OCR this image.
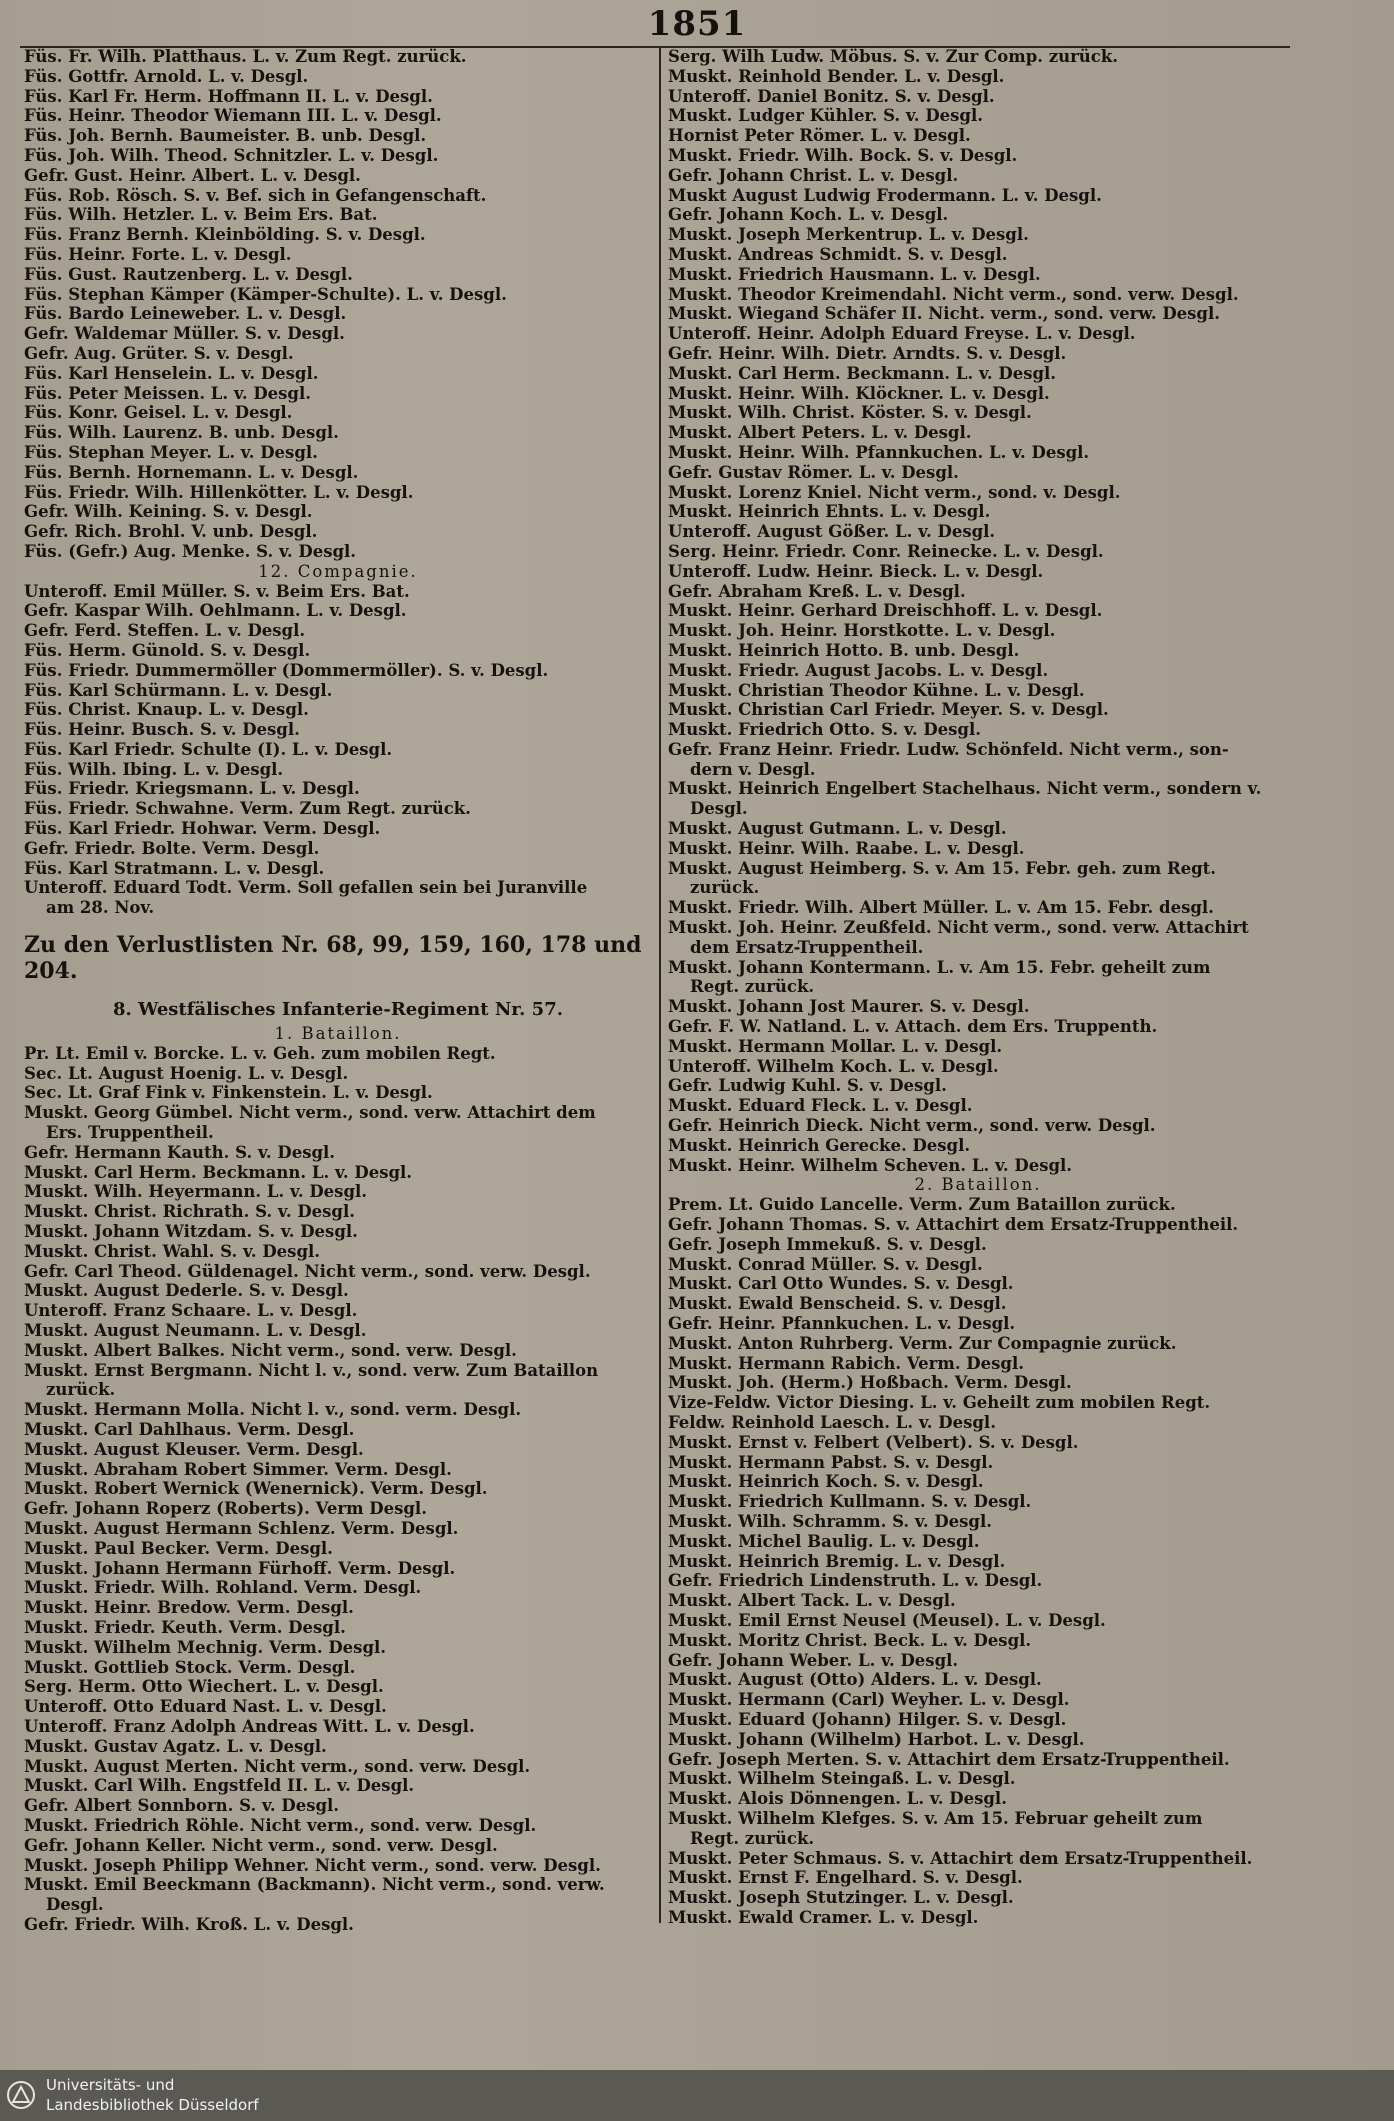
1851
Füs. Fr. Wilh. Platthaus. L. v. Zum Regt. zurück.
Füs. Gottfr. Arnold. L. v. Desgl.
Füs. Karl Fr. Herm. Hoffmann II. L. v. Desgl.
Füs. Heinr. Theodor Wiemann III. L. v. Desgl.
Füs. Joh. Bernh. Baumeister. B. unb. Desgl.
Füs. Joh. Wilh. Theod. Schnitzler. L. v. Desgl.
Gefr. Gust. Heinr. Albert. L. v. Desgl.
Füs. Rob. Rösch. S. v. Bef. sich in Gefangenschaft.
Füs. Wilh. Hetzler. L. v. Beim Ers. Bat.
Füs. Franz Bernh. Kleinbölding. S. v. Desgl.
Füs. Heinr. Forte. L. v. Desgl.
Füs. Gust. Rautzenberg. L. v. Desgl.
Füs. Stephan Kämper (Kämper-Schulte). L. v. Desgl.
Füs. Bardo Leineweber. L. v. Desgl.
Gefr. Waldemar Müller. S. v. Desgl.
Gefr. Aug. Grüter. S. v. Desgl.
Füs. Karl Henselein. L. v. Desgl.
Füs. Peter Meissen. L. v. Desgl.
Füs. Konr. Geisel. L. v. Desgl.
Füs. Wilh. Laurenz. B. unb. Desgl.
Füs. Stephan Meyer. L. v. Desgl.
Füs. Bernh. Hornemann. L. v. Desgl.
Füs. Friedr. Wilh. Hillenkötter. L. v. Desgl.
Gefr. Wilh. Keining. S. v. Desgl.
Gefr. Rich. Brohl. V. unb. Desgl.
Füs. (Gefr.) Aug. Menke. S. v. Desgl.
12. Compagnie.
Unteroff. Emil Müller. S. v. Beim Ers. Bat.
Gefr. Kaspar Wilh. Oehlmann. L. v. Desgl.
Gefr. Ferd. Steffen. L. v. Desgl.
Füs. Herm. Günold. S. v. Desgl.
Füs. Friedr. Dummermöller (Dommermöller). S. v. Desgl.
Füs. Karl Schürmann. L. v. Desgl.
Füs. Christ. Knaup. L. v. Desgl.
Füs. Heinr. Busch. S. v. Desgl.
Füs. Karl Friedr. Schulte (I). L. v. Desgl.
Füs. Wilh. Ibing. L. v. Desgl.
Füs. Friedr. Kriegsmann. L. v. Desgl.
Füs. Friedr. Schwahne. Verm. Zum Regt. zurück.
Füs. Karl Friedr. Hohwar. Verm. Desgl.
Gefr. Friedr. Bolte. Verm. Desgl.
Füs. Karl Stratmann. L. v. Desgl.
Unteroff. Eduard Todt. Verm. Soll gefallen sein bei Juranville
am 28. Nov.
Zu den Verlustlisten Nr. 68, 99, 159, 160, 178 und 204.
8. Westfälisches Infanterie-Regiment Nr. 57.
1. Bataillon.
Pr. Lt. Emil v. Borcke. L. v. Geh. zum mobilen Regt.
Sec. Lt. August Hoenig. L. v. Desgl.
Sec. Lt. Graf Fink v. Finkenstein. L. v. Desgl.
Muskt. Georg Gümbel. Nicht verm., sond. verw. Attachirt dem
Ers. Truppentheil.
Gefr. Hermann Kauth. S. v. Desgl.
Muskt. Carl Herm. Beckmann. L. v. Desgl.
Muskt. Wilh. Heyermann. L. v. Desgl.
Muskt. Christ. Richrath. S. v. Desgl.
Muskt. Johann Witzdam. S. v. Desgl.
Muskt. Christ. Wahl. S. v. Desgl.
Gefr. Carl Theod. Güldenagel. Nicht verm., sond. verw. Desgl.
Muskt. August Dederle. S. v. Desgl.
Unteroff. Franz Schaare. L. v. Desgl.
Muskt. August Neumann. L. v. Desgl.
Muskt. Albert Balkes. Nicht verm., sond. verw. Desgl.
Muskt. Ernst Bergmann. Nicht l. v., sond. verw. Zum Bataillon
zurück.
Muskt. Hermann Molla. Nicht l. v., sond. verm. Desgl.
Muskt. Carl Dahlhaus. Verm. Desgl.
Muskt. August Kleuser. Verm. Desgl.
Muskt. Abraham Robert Simmer. Verm. Desgl.
Muskt. Robert Wernick (Wenernick). Verm. Desgl.
Gefr. Johann Roperz (Roberts). Verm Desgl.
Muskt. August Hermann Schlenz. Verm. Desgl.
Muskt. Paul Becker. Verm. Desgl.
Muskt. Johann Hermann Fürhoff. Verm. Desgl.
Muskt. Friedr. Wilh. Rohland. Verm. Desgl.
Muskt. Heinr. Bredow. Verm. Desgl.
Muskt. Friedr. Keuth. Verm. Desgl.
Muskt. Wilhelm Mechnig. Verm. Desgl.
Muskt. Gottlieb Stock. Verm. Desgl.
Serg. Herm. Otto Wiechert. L. v. Desgl.
Unteroff. Otto Eduard Nast. L. v. Desgl.
Unteroff. Franz Adolph Andreas Witt. L. v. Desgl.
Muskt. Gustav Agatz. L. v. Desgl.
Muskt. August Merten. Nicht verm., sond. verw. Desgl.
Muskt. Carl Wilh. Engstfeld II. L. v. Desgl.
Gefr. Albert Sonnborn. S. v. Desgl.
Muskt. Friedrich Röhle. Nicht verm., sond. verw. Desgl.
Gefr. Johann Keller. Nicht verm., sond. verw. Desgl.
Muskt. Joseph Philipp Wehner. Nicht verm., sond. verw. Desgl.
Muskt. Emil Beeckmann (Backmann). Nicht verm., sond. verw.
Desgl.
Gefr. Friedr. Wilh. Kroß. L. v. Desgl.
Serg. Wilh Ludw. Möbus. S. v. Zur Comp. zurück.
Muskt. Reinhold Bender. L. v. Desgl.
Unteroff. Daniel Bonitz. S. v. Desgl.
Muskt. Ludger Kühler. S. v. Desgl.
Hornist Peter Römer. L. v. Desgl.
Muskt. Friedr. Wilh. Bock. S. v. Desgl.
Gefr. Johann Christ. L. v. Desgl.
Muskt August Ludwig Frodermann. L. v. Desgl.
Gefr. Johann Koch. L. v. Desgl.
Muskt. Joseph Merkentrup. L. v. Desgl.
Muskt. Andreas Schmidt. S. v. Desgl.
Muskt. Friedrich Hausmann. L. v. Desgl.
Muskt. Theodor Kreimendahl. Nicht verm., sond. verw. Desgl.
Muskt. Wiegand Schäfer II. Nicht. verm., sond. verw. Desgl.
Unteroff. Heinr. Adolph Eduard Freyse. L. v. Desgl.
Gefr. Heinr. Wilh. Dietr. Arndts. S. v. Desgl.
Muskt. Carl Herm. Beckmann. L. v. Desgl.
Muskt. Heinr. Wilh. Klöckner. L. v. Desgl.
Muskt. Wilh. Christ. Köster. S. v. Desgl.
Muskt. Albert Peters. L. v. Desgl.
Muskt. Heinr. Wilh. Pfannkuchen. L. v. Desgl.
Gefr. Gustav Römer. L. v. Desgl.
Muskt. Lorenz Kniel. Nicht verm., sond. v. Desgl.
Muskt. Heinrich Ehnts. L. v. Desgl.
Unteroff. August Gößer. L. v. Desgl.
Serg. Heinr. Friedr. Conr. Reinecke. L. v. Desgl.
Unteroff. Ludw. Heinr. Bieck. L. v. Desgl.
Gefr. Abraham Kreß. L. v. Desgl.
Muskt. Heinr. Gerhard Dreischhoff. L. v. Desgl.
Muskt. Joh. Heinr. Horstkotte. L. v. Desgl.
Muskt. Heinrich Hotto. B. unb. Desgl.
Muskt. Friedr. August Jacobs. L. v. Desgl.
Muskt. Christian Theodor Kühne. L. v. Desgl.
Muskt. Christian Carl Friedr. Meyer. S. v. Desgl.
Muskt. Friedrich Otto. S. v. Desgl.
Gefr. Franz Heinr. Friedr. Ludw. Schönfeld. Nicht verm., son-
dern v. Desgl.
Muskt. Heinrich Engelbert Stachelhaus. Nicht verm., sondern v.
Desgl.
Muskt. August Gutmann. L. v. Desgl.
Muskt. Heinr. Wilh. Raabe. L. v. Desgl.
Muskt. August Heimberg. S. v. Am 15. Febr. geh. zum Regt.
zurück.
Muskt. Friedr. Wilh. Albert Müller. L. v. Am 15. Febr. desgl.
Muskt. Joh. Heinr. Zeußfeld. Nicht verm., sond. verw. Attachirt
dem Ersatz-Truppentheil.
Muskt. Johann Kontermann. L. v. Am 15. Febr. geheilt zum
Regt. zurück.
Muskt. Johann Jost Maurer. S. v. Desgl.
Gefr. F. W. Natland. L. v. Attach. dem Ers. Truppenth.
Muskt. Hermann Mollar. L. v. Desgl.
Unteroff. Wilhelm Koch. L. v. Desgl.
Gefr. Ludwig Kuhl. S. v. Desgl.
Muskt. Eduard Fleck. L. v. Desgl.
Gefr. Heinrich Dieck. Nicht verm., sond. verw. Desgl.
Muskt. Heinrich Gerecke. Desgl.
Muskt. Heinr. Wilhelm Scheven. L. v. Desgl.
2. Bataillon.
Prem. Lt. Guido Lancelle. Verm. Zum Bataillon zurück.
Gefr. Johann Thomas. S. v. Attachirt dem Ersatz-Truppentheil.
Gefr. Joseph Immekuß. S. v. Desgl.
Muskt. Conrad Müller. S. v. Desgl.
Muskt. Carl Otto Wundes. S. v. Desgl.
Muskt. Ewald Benscheid. S. v. Desgl.
Gefr. Heinr. Pfannkuchen. L. v. Desgl.
Muskt. Anton Ruhrberg. Verm. Zur Compagnie zurück.
Muskt. Hermann Rabich. Verm. Desgl.
Muskt. Joh. (Herm.) Hoßbach. Verm. Desgl.
Vize-Feldw. Victor Diesing. L. v. Geheilt zum mobilen Regt.
Feldw. Reinhold Laesch. L. v. Desgl.
Muskt. Ernst v. Felbert (Velbert). S. v. Desgl.
Muskt. Hermann Pabst. S. v. Desgl.
Muskt. Heinrich Koch. S. v. Desgl.
Muskt. Friedrich Kullmann. S. v. Desgl.
Muskt. Wilh. Schramm. S. v. Desgl.
Muskt. Michel Baulig. L. v. Desgl.
Muskt. Heinrich Bremig. L. v. Desgl.
Gefr. Friedrich Lindenstruth. L. v. Desgl.
Muskt. Albert Tack. L. v. Desgl.
Muskt. Emil Ernst Neusel (Meusel). L. v. Desgl.
Muskt. Moritz Christ. Beck. L. v. Desgl.
Gefr. Johann Weber. L. v. Desgl.
Muskt. August (Otto) Alders. L. v. Desgl.
Muskt. Hermann (Carl) Weyher. L. v. Desgl.
Muskt. Eduard (Johann) Hilger. S. v. Desgl.
Muskt. Johann (Wilhelm) Harbot. L. v. Desgl.
Gefr. Joseph Merten. S. v. Attachirt dem Ersatz-Truppentheil.
Muskt. Wilhelm Steingaß. L. v. Desgl.
Muskt. Alois Dönnengen. L. v. Desgl.
Muskt. Wilhelm Klefges. S. v. Am 15. Februar geheilt zum
Regt. zurück.
Muskt. Peter Schmaus. S. v. Attachirt dem Ersatz-Truppentheil.
Muskt. Ernst F. Engelhard. S. v. Desgl.
Muskt. Joseph Stutzinger. L. v. Desgl.
Muskt. Ewald Cramer. L. v. Desgl.
Universitäts- und
Landesbibliothek Düsseldorf
